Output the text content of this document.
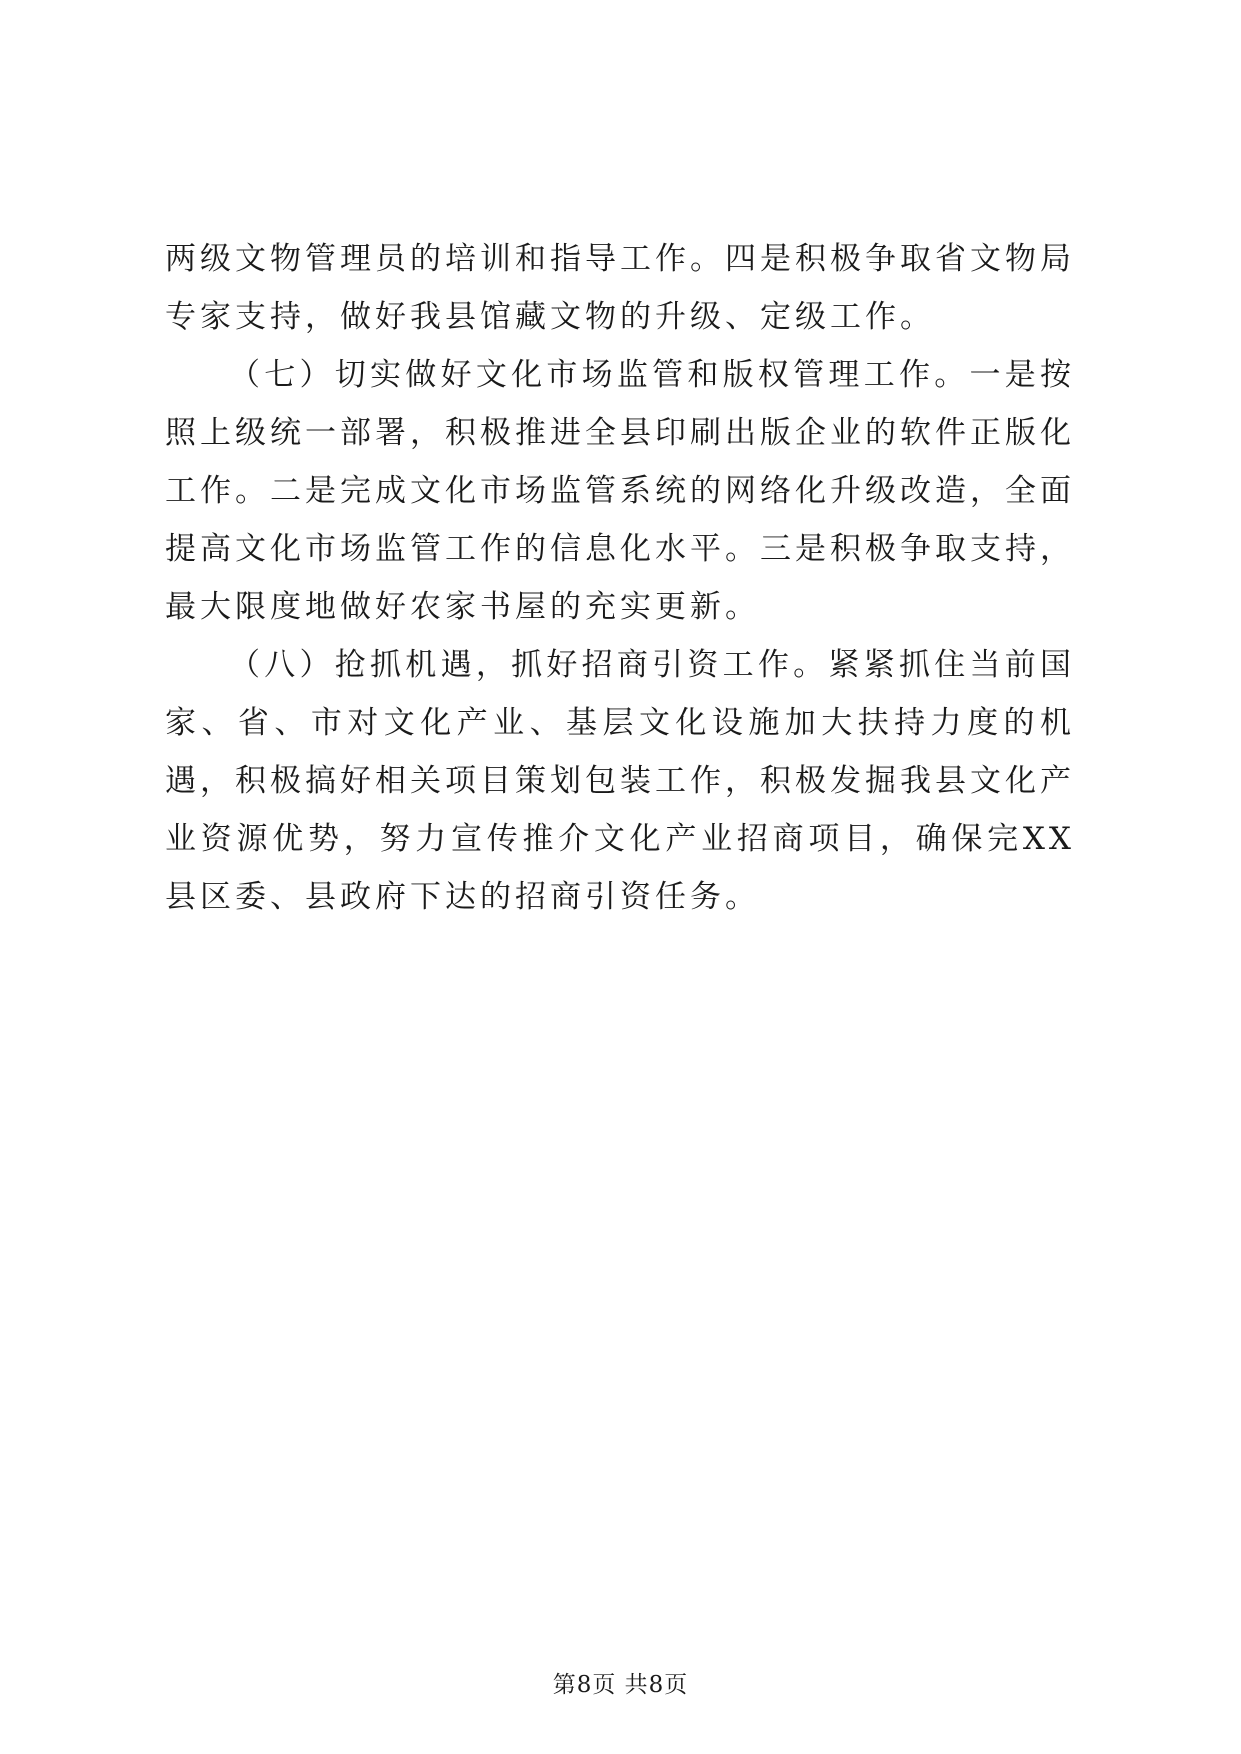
两级文物管理员的培训和指导工作。四是积极争取省文物局专家支持，做好我县馆藏文物的升级、定级工作。

（七）切实做好文化市场监管和版权管理工作。一是按照上级统一部署，积极推进全县印刷出版企业的软件正版化工作。二是完成文化市场监管系统的网络化升级改造，全面提高文化市场监管工作的信息化水平。三是积极争取支持，最大限度地做好农家书屋的充实更新。

（八）抢抓机遇，抓好招商引资工作。紧紧抓住当前国家、省、市对文化产业、基层文化设施加大扶持力度的机遇，积极搞好相关项目策划包装工作，积极发掘我县文化产业资源优势，努力宣传推介文化产业招商项目，确保完XX县区委、县政府下达的招商引资任务。

第8页 共8页
